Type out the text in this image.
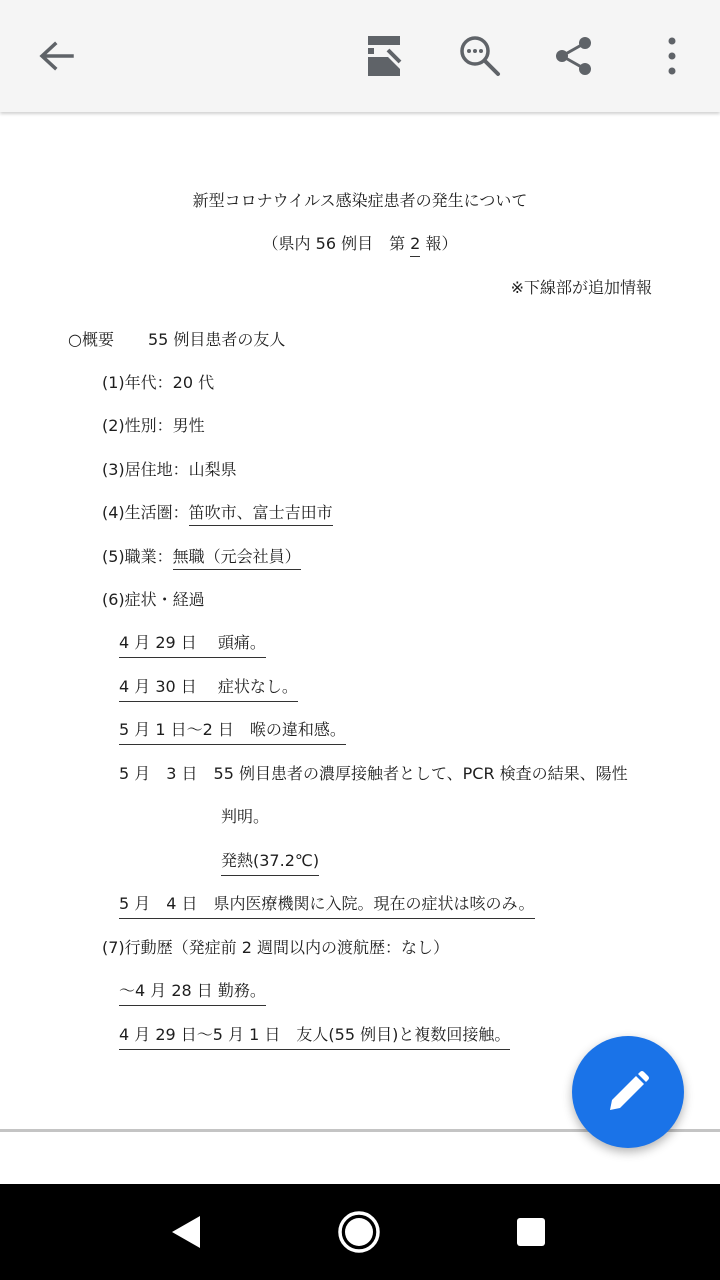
新型コロナウイルス感染症患者の発生について
（県内 56 例目　第 2 報）
※下線部が追加情報
○概要 55 例目患者の友人
(1)年代：20 代
(2)性別：男性
(3)居住地：山梨県
(4)生活圏：笛吹市、富士吉田市
(5)職業：無職（元会社員）
(6)症状・経過
4 月 29 日　 頭痛。
4 月 30 日　 症状なし。
5 月 1 日～2 日　喉の違和感。
5 月　3 日　55 例目患者の濃厚接触者として、PCR 検査の結果、陽性
判明。
発熱(37.2℃)
5 月　4 日　県内医療機関に入院。現在の症状は咳のみ。
(7)行動歴（発症前 2 週間以内の渡航歴：なし）
～4 月 28 日 勤務。
4 月 29 日～5 月 1 日　友人(55 例目)と複数回接触。
